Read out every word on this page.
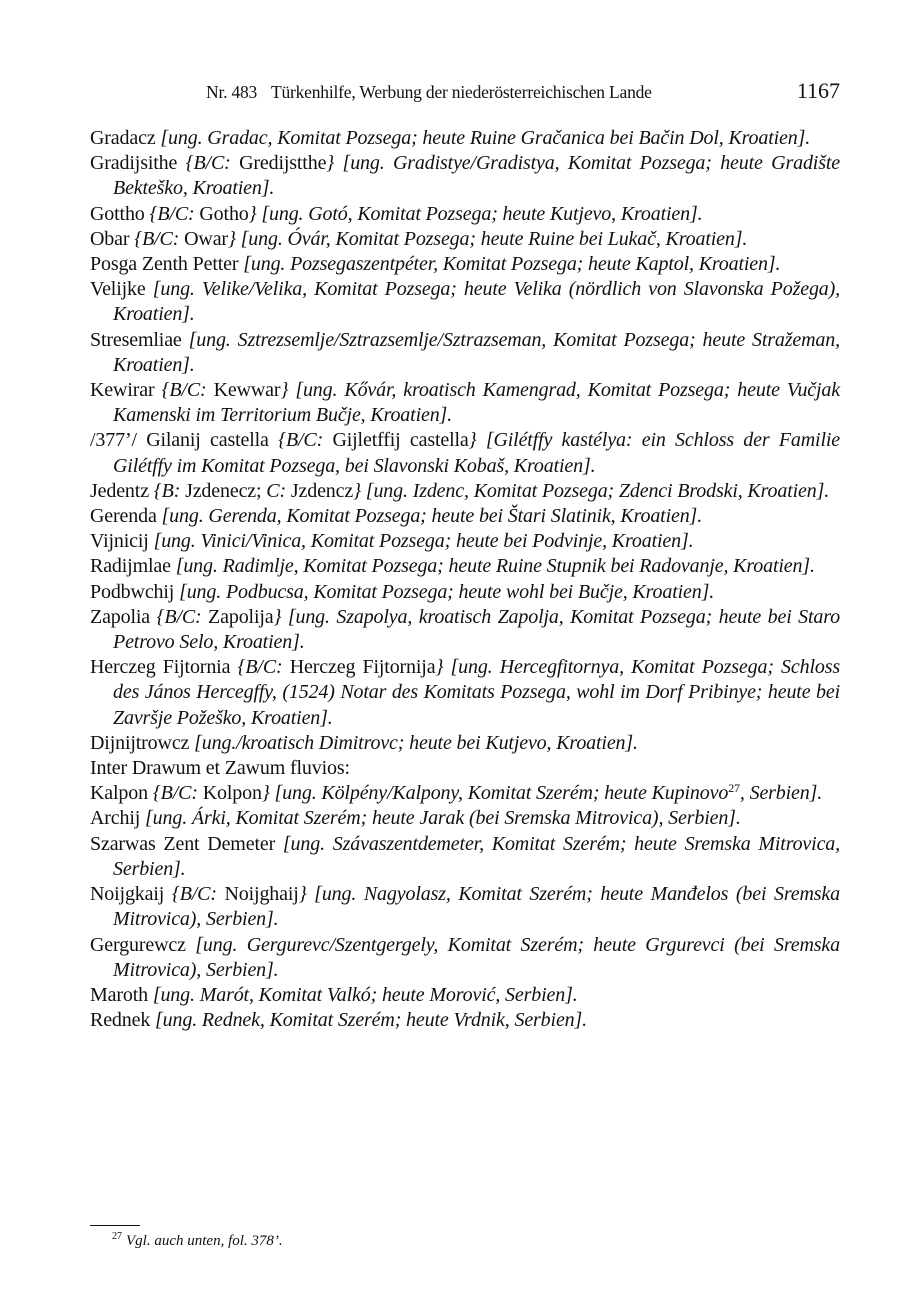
Nr. 483 Türkenhilfe, Werbung der niederösterreichischen Lande	1167
Gradacz [ung. Gradac, Komitat Pozsega; heute Ruine Gračanica bei Bačin Dol, Kroatien].
Gradijsithe {B/C: Gredijstthe} [ung. Gradistye/Gradistya, Komitat Pozsega; heute Gradište Bekteško, Kroatien].
Gottho {B/C: Gotho} [ung. Gotó, Komitat Pozsega; heute Kutjevo, Kroatien].
Obar {B/C: Owar} [ung. Óvár, Komitat Pozsega; heute Ruine bei Lukač, Kroatien].
Posga Zenth Petter [ung. Pozsegaszentpéter, Komitat Pozsega; heute Kaptol, Kroatien].
Velijke [ung. Velike/Velika, Komitat Pozsega; heute Velika (nördlich von Slavonska Požega), Kroatien].
Stresemliae [ung. Sztrezsemlje/Sztrazsemlje/Sztrazseman, Komitat Pozsega; heute Stražeman, Kroatien].
Kewirar {B/C: Kewwar} [ung. Kővár, kroatisch Kamengrad, Komitat Pozsega; heute Vučjak Kamenski im Territorium Bučje, Kroatien].
/377’/ Gilanij castella {B/C: Gijletffij castella} [Gilétffy kastélya: ein Schloss der Familie Gilétffy im Komitat Pozsega, bei Slavonski Kobaš, Kroatien].
Jedentz {B: Jzdenecz; C: Jzdencz} [ung. Izdenc, Komitat Pozsega; Zdenci Brodski, Kroatien].
Gerenda [ung. Gerenda, Komitat Pozsega; heute bei Štari Slatinik, Kroatien].
Vijnicij [ung. Vinici/Vinica, Komitat Pozsega; heute bei Podvinje, Kroatien].
Radijmlae [ung. Radimlje, Komitat Pozsega; heute Ruine Stupnik bei Radovanje, Kroatien].
Podbwchij [ung. Podbucsa, Komitat Pozsega; heute wohl bei Bučje, Kroatien].
Zapolia {B/C: Zapolija} [ung. Szapolya, kroatisch Zapolja, Komitat Pozsega; heute bei Staro Petrovo Selo, Kroatien].
Herczeg Fijtornia {B/C: Herczeg Fijtornija} [ung. Hercegfitornya, Komitat Pozsega; Schloss des János Hercegffy, (1524) Notar des Komitats Pozsega, wohl im Dorf Pribinye; heute bei Završje Požeško, Kroatien].
Dijnijtrowcz [ung./kroatisch Dimitrovc; heute bei Kutjevo, Kroatien].
Inter Drawum et Zawum fluvios:
Kalpon {B/C: Kolpon} [ung. Kölpény/Kalpony, Komitat Szerém; heute Kupinovo$^{27}$, Serbien].
Archij [ung. Árki, Komitat Szerém; heute Jarak (bei Sremska Mitrovica), Serbien].
Szarwas Zent Demeter [ung. Szávaszentdemeter, Komitat Szerém; heute Sremska Mitrovica, Serbien].
Noijgkaij {B/C: Noijghaij} [ung. Nagyolasz, Komitat Szerém; heute Manđelos (bei Sremska Mitrovica), Serbien].
Gergurewcz [ung. Gergurevc/Szentgergely, Komitat Szerém; heute Grgurevci (bei Sremska Mitrovica), Serbien].
Maroth [ung. Marót, Komitat Valkó; heute Morović, Serbien].
Rednek [ung. Rednek, Komitat Szerém; heute Vrdnik, Serbien].
$^{27}$ Vgl. auch unten, fol. 378’.
